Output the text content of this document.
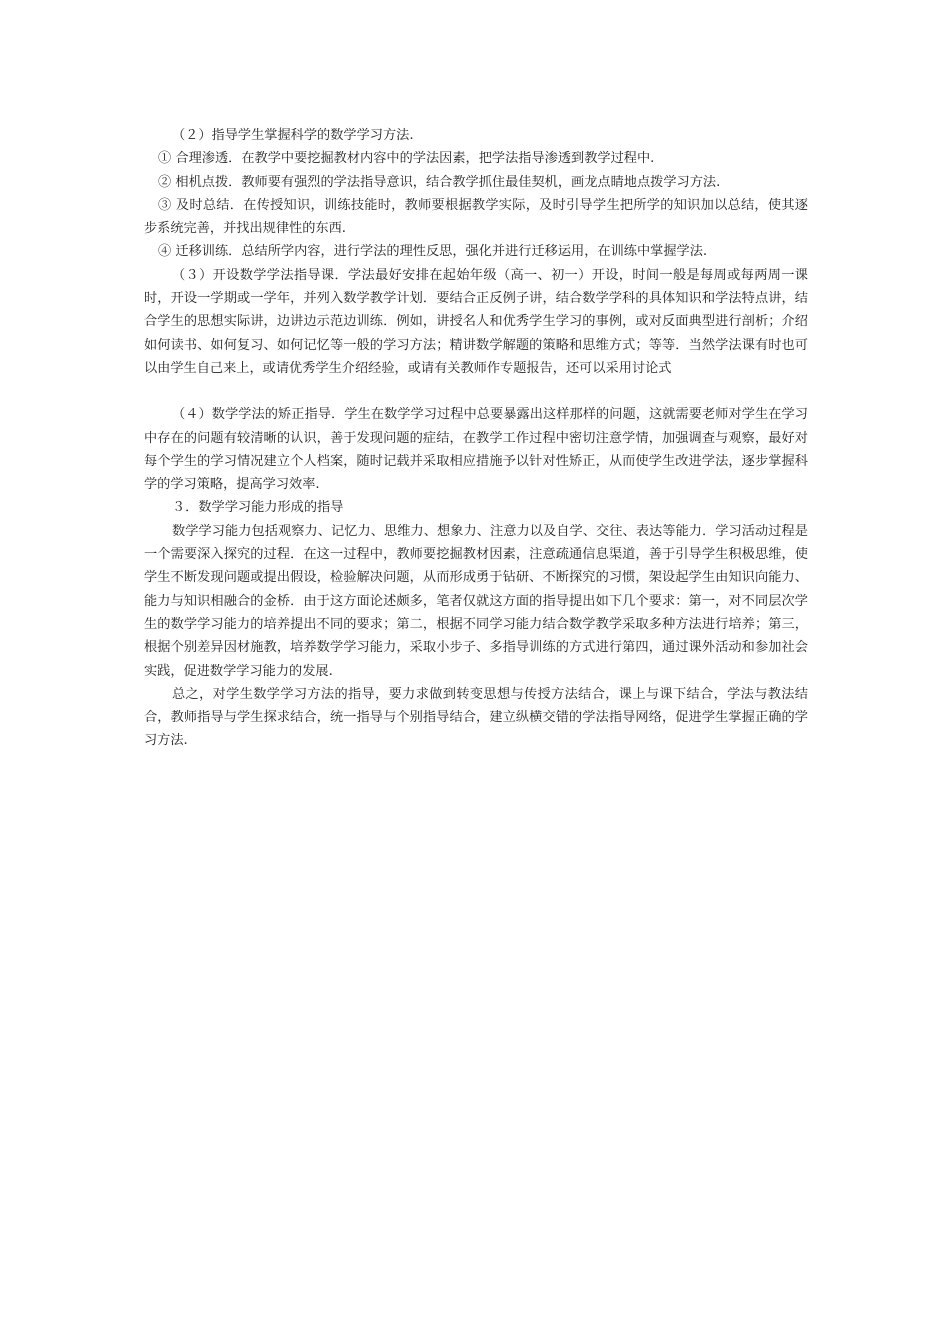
（２）指导学生掌握科学的数学学习方法.

① 合理渗透．在教学中要挖掘教材内容中的学法因素，把学法指导渗透到教学过程中.

② 相机点拨．教师要有强烈的学法指导意识，结合教学抓住最佳契机，画龙点睛地点拨学习方法.

③ 及时总结．在传授知识，训练技能时，教师要根据教学实际，及时引导学生把所学的知识加以总结，使其逐步系统完善，并找出规律性的东西.

④ 迁移训练．总结所学内容，进行学法的理性反思，强化并进行迁移运用，在训练中掌握学法.

（３）开设数学学法指导课．学法最好安排在起始年级（高一、初一）开设，时间一般是每周或每两周一课时，开设一学期或一学年，并列入数学教学计划．要结合正反例子讲，结合数学学科的具体知识和学法特点讲，结合学生的思想实际讲，边讲边示范边训练．例如，讲授名人和优秀学生学习的事例，或对反面典型进行剖析；介绍如何读书、如何复习、如何记忆等一般的学习方法；精讲数学解题的策略和思维方式；等等．当然学法课有时也可以由学生自己来上，或请优秀学生介绍经验，或请有关教师作专题报告，还可以采用讨论式

（４）数学学法的矫正指导．学生在数学学习过程中总要暴露出这样那样的问题，这就需要老师对学生在学习中存在的问题有较清晰的认识，善于发现问题的症结，在教学工作过程中密切注意学情，加强调查与观察，最好对每个学生的学习情况建立个人档案，随时记载并采取相应措施予以针对性矫正，从而使学生改进学法，逐步掌握科学的学习策略，提高学习效率.

３．数学学习能力形成的指导

数学学习能力包括观察力、记忆力、思维力、想象力、注意力以及自学、交往、表达等能力．学习活动过程是一个需要深入探究的过程．在这一过程中，教师要挖掘教材因素，注意疏通信息渠道，善于引导学生积极思维，使学生不断发现问题或提出假设，检验解决问题，从而形成勇于钻研、不断探究的习惯，架设起学生由知识向能力、能力与知识相融合的金桥．由于这方面论述颇多，笔者仅就这方面的指导提出如下几个要求：第一，对不同层次学生的数学学习能力的培养提出不同的要求；第二，根据不同学习能力结合数学教学采取多种方法进行培养；第三，根据个别差异因材施教，培养数学学习能力，采取小步子、多指导训练的方式进行第四，通过课外活动和参加社会实践，促进数学学习能力的发展.

总之，对学生数学学习方法的指导，要力求做到转变思想与传授方法结合，课上与课下结合，学法与教法结合，教师指导与学生探求结合，统一指导与个别指导结合，建立纵横交错的学法指导网络，促进学生掌握正确的学习方法.
